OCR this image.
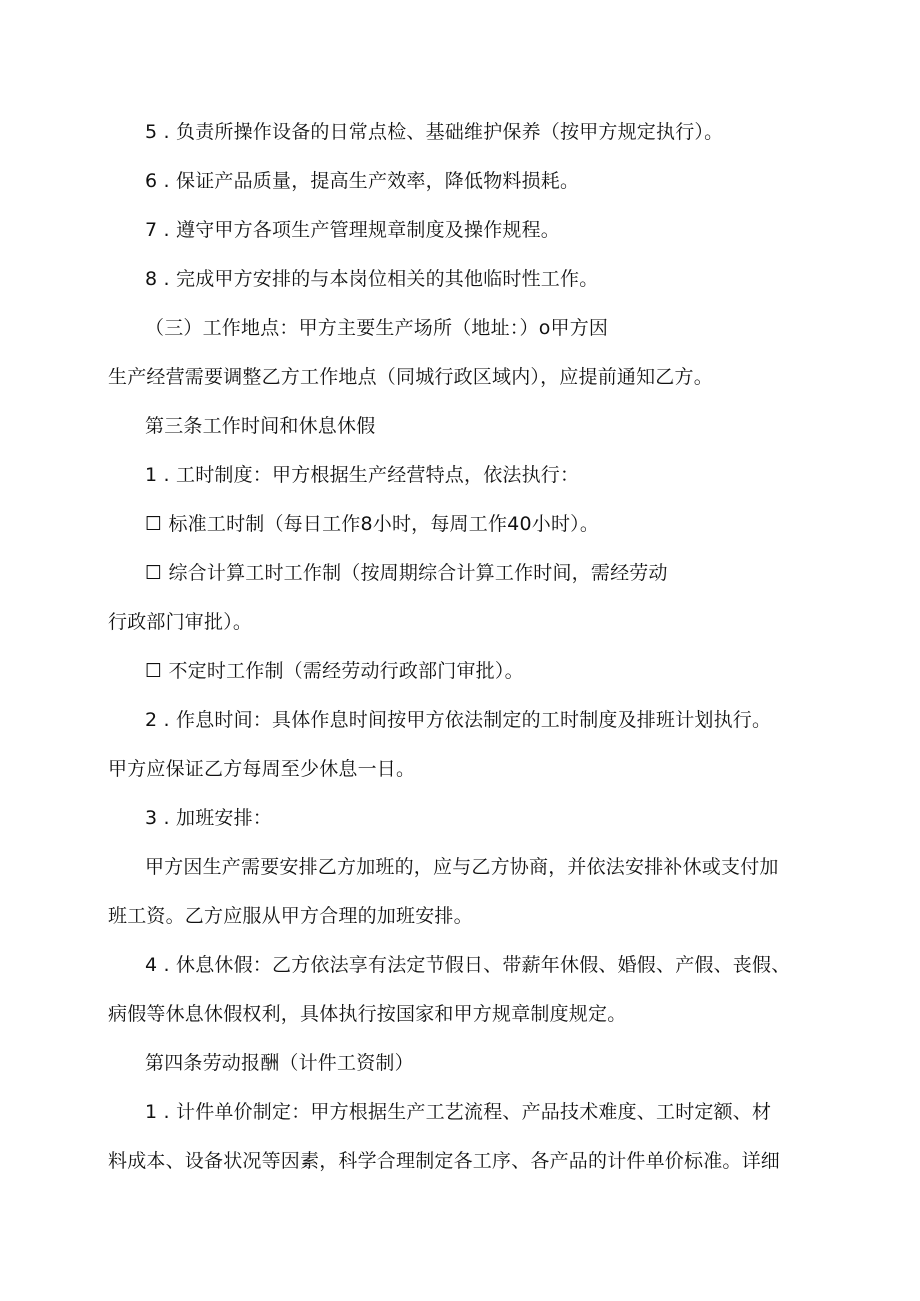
5 . 负责所操作设备的日常点检、基础维护保养（按甲方规定执行）。
6 . 保证产品质量，提高生产效率，降低物料损耗。
7 . 遵守甲方各项生产管理规章制度及操作规程。
8 . 完成甲方安排的与本岗位相关的其他临时性工作。
（三）工作地点：甲方主要生产场所（地址：）o甲方因
生产经营需要调整乙方工作地点（同城行政区域内），应提前通知乙方。
第三条工作时间和休息休假
1 . 工时制度：甲方根据生产经营特点，依法执行：
☐ 标准工时制（每日工作8小时，每周工作40小时）。
☐ 综合计算工时工作制（按周期综合计算工作时间，需经劳动
行政部门审批）。
☐ 不定时工作制（需经劳动行政部门审批）。
2 . 作息时间：具体作息时间按甲方依法制定的工时制度及排班计划执行。
甲方应保证乙方每周至少休息一日。
3 . 加班安排：
甲方因生产需要安排乙方加班的，应与乙方协商，并依法安排补休或支付加
班工资。乙方应服从甲方合理的加班安排。
4 . 休息休假：乙方依法享有法定节假日、带薪年休假、婚假、产假、丧假、
病假等休息休假权利，具体执行按国家和甲方规章制度规定。
第四条劳动报酬（计件工资制）
1 . 计件单价制定：甲方根据生产工艺流程、产品技术难度、工时定额、材
料成本、设备状况等因素，科学合理制定各工序、各产品的计件单价标准。详细
